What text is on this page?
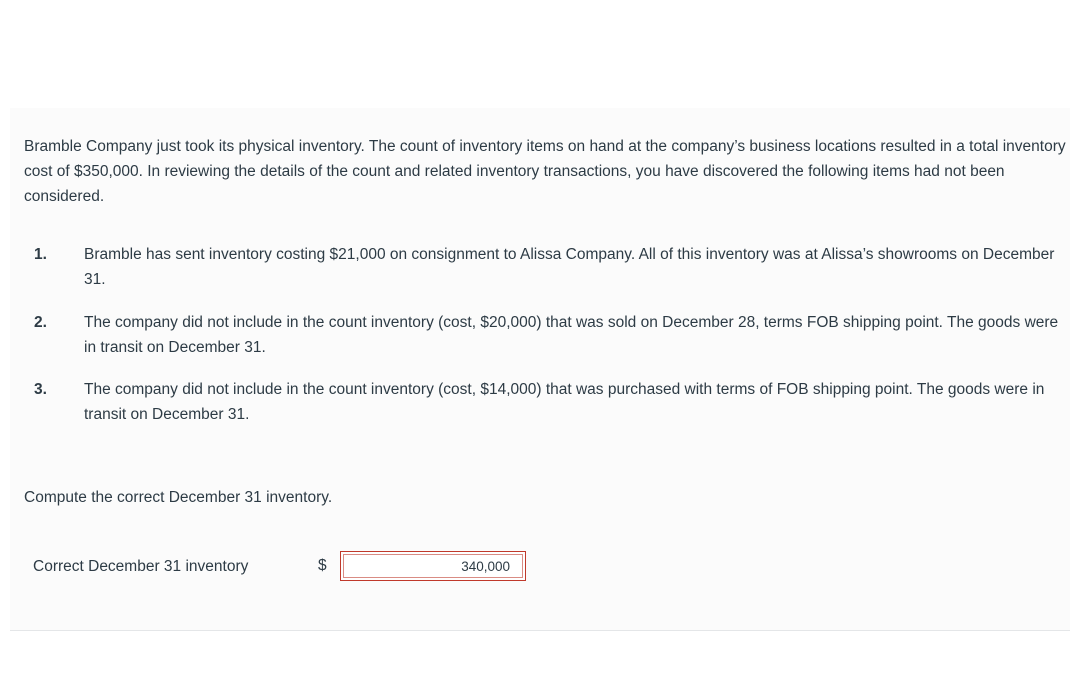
Bramble Company just took its physical inventory. The count of inventory items on hand at the company’s business locations resulted in a total inventory cost of $350,000. In reviewing the details of the count and related inventory transactions, you have discovered the following items had not been considered.

1. Bramble has sent inventory costing $21,000 on consignment to Alissa Company. All of this inventory was at Alissa’s showrooms on December 31.
2. The company did not include in the count inventory (cost, $20,000) that was sold on December 28, terms FOB shipping point. The goods were in transit on December 31.
3. The company did not include in the count inventory (cost, $14,000) that was purchased with terms of FOB shipping point. The goods were in transit on December 31.
Compute the correct December 31 inventory.
Correct December 31 inventory	$
340,000
